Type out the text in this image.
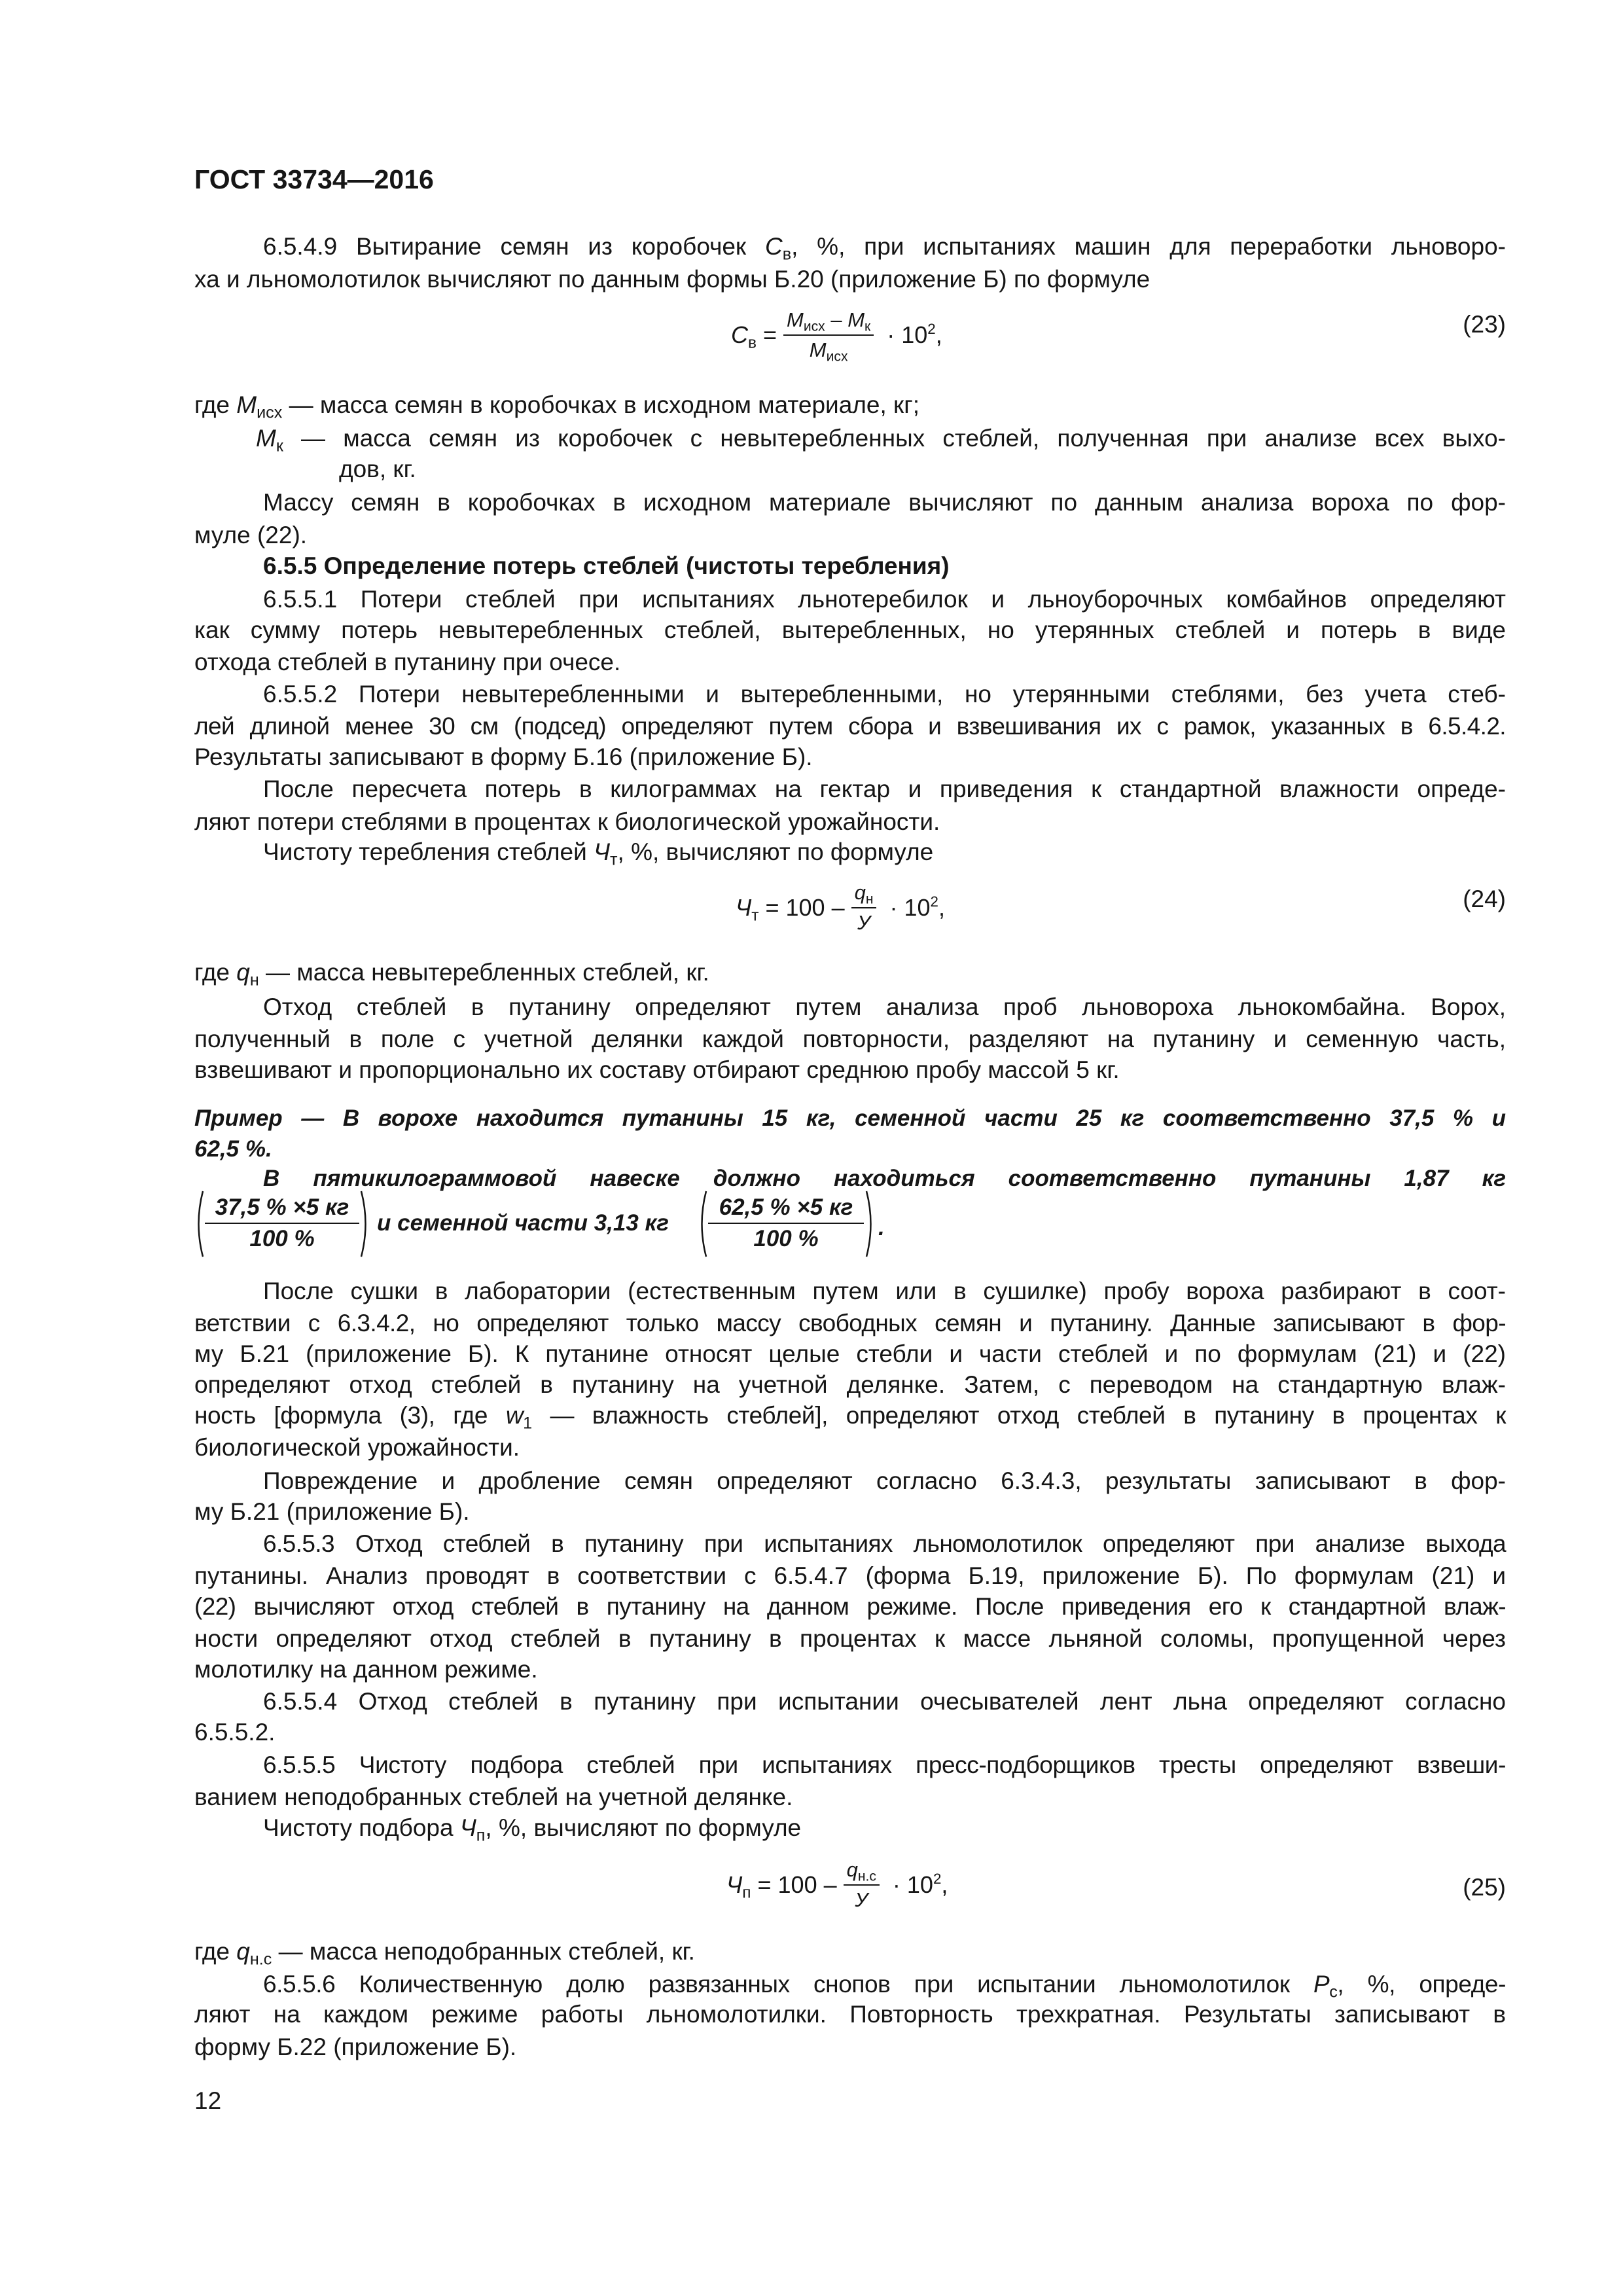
ГОСТ 33734—2016
6.5.4.9 Вытирание семян из коробочек $С_в$, %, при испытаниях машин для переработки льноворо-
ха и льномолотилок вычисляют по данным формы Б.20 (приложение Б) по формуле
$С_в = \frac{М_{исх} - М_к}{М_{исх}} \cdot 10^2$,	(23)
где $М_{исх}$ — масса семян в коробочках в исходном материале, кг;
$М_к$ — масса семян из коробочек с невытеребленных стеблей, полученная при анализе всех выхо-
дов, кг.
Массу семян в коробочках в исходном материале вычисляют по данным анализа вороха по фор-
муле (22).
6.5.5 Определение потерь стеблей (чистоты теребления)
6.5.5.1 Потери стеблей при испытаниях льнотеребилок и льноуборочных комбайнов определяют
как сумму потерь невытеребленных стеблей, вытеребленных, но утерянных стеблей и потерь в виде
отхода стеблей в путанину при очесе.
6.5.5.2 Потери невытеребленными и вытеребленными, но утерянными стеблями, без учета стеб-
лей длиной менее 30 см (подсед) определяют путем сбора и взвешивания их с рамок, указанных в 6.5.4.2.
Результаты записывают в форму Б.16 (приложение Б).
После пересчета потерь в килограммах на гектар и приведения к стандартной влажности опреде-
ляют потери стеблями в процентах к биологической урожайности.
Чистоту теребления стеблей $Ч_т$, %, вычисляют по формуле
$Ч_т = 100 - \frac{q_н}{У} \cdot 10^2$,	(24)
где $q_н$ — масса невытеребленных стеблей, кг.
Отход стеблей в путанину определяют путем анализа проб льновороха льнокомбайна. Ворох,
полученный в поле с учетной делянки каждой повторности, разделяют на путанину и семенную часть,
взвешивают и пропорционально их составу отбирают среднюю пробу массой 5 кг.
Пример — В ворохе находится путанины 15 кг, семенной части 25 кг соответственно 37,5 % и
62,5 %.
В пятикилограммовой навеске должно находиться соответственно путанины 1,87 кг
37,5 % ×5 кг
100 %
и семенной части 3,13 кг
62,5 % ×5 кг
100 %	.
После сушки в лаборатории (естественным путем или в сушилке) пробу вороха разбирают в соот-
ветствии с 6.3.4.2, но определяют только массу свободных семян и путанину. Данные записывают в фор-
му Б.21 (приложение Б). К путанине относят целые стебли и части стеблей и по формулам (21) и (22)
определяют отход стеблей в путанину на учетной делянке. Затем, с переводом на стандартную влаж-
ность [формула (3), где $w_1$ — влажность стеблей], определяют отход стеблей в путанину в процентах к
биологической урожайности.
Повреждение и дробление семян определяют согласно 6.3.4.3, результаты записывают в фор-
му Б.21 (приложение Б).
6.5.5.3 Отход стеблей в путанину при испытаниях льномолотилок определяют при анализе выхода
путанины. Анализ проводят в соответствии с 6.5.4.7 (форма Б.19, приложение Б). По формулам (21) и
(22) вычисляют отход стеблей в путанину на данном режиме. После приведения его к стандартной влаж-
ности определяют отход стеблей в путанину в процентах к массе льняной соломы, пропущенной через
молотилку на данном режиме.
6.5.5.4 Отход стеблей в путанину при испытании очесывателей лент льна определяют согласно
6.5.5.2.
6.5.5.5 Чистоту подбора стеблей при испытаниях пресс-подборщиков тресты определяют взвеши-
ванием неподобранных стеблей на учетной делянке.
Чистоту подбора $Ч_п$, %, вычисляют по формуле
$Ч_п = 100 - \frac{q_{н.с}}{У} \cdot 10^2$,	(25)
где $q_{н.с}$ — масса неподобранных стеблей, кг.
6.5.5.6 Количественную долю развязанных снопов при испытании льномолотилок $Р_с$, %, опреде-
ляют на каждом режиме работы льномолотилки. Повторность трехкратная. Результаты записывают в
форму Б.22 (приложение Б).
12
